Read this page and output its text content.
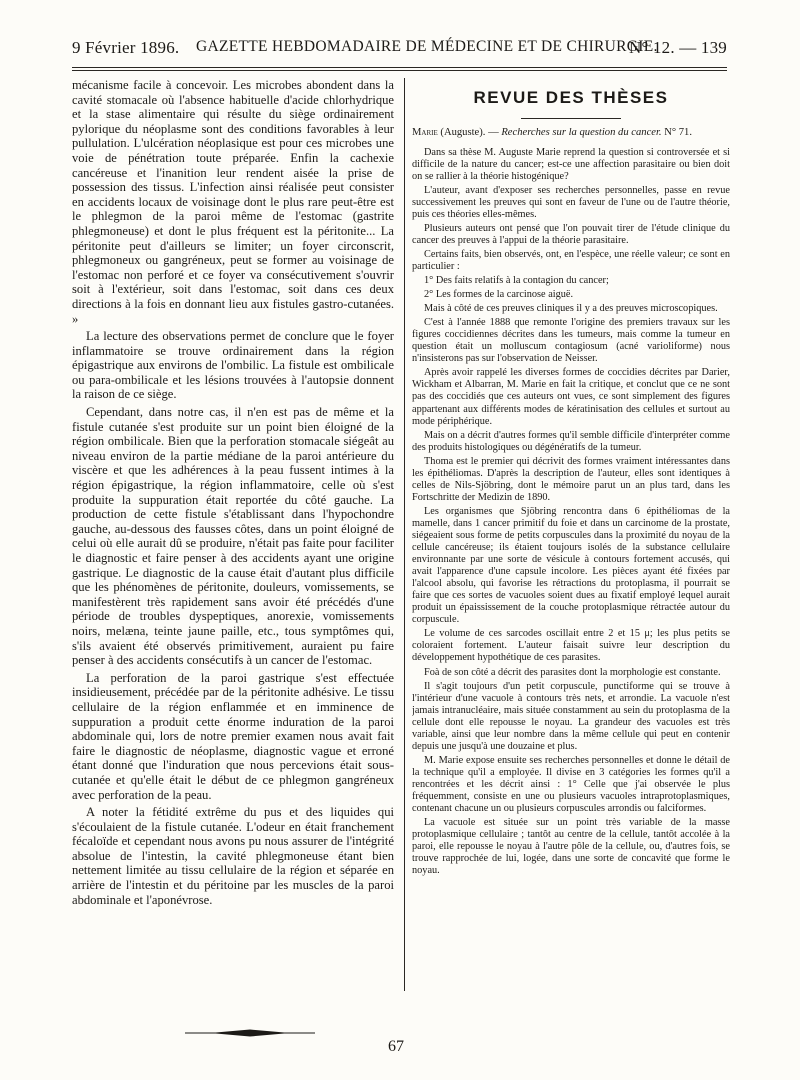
9 Février 1896. GAZETTE HEBDOMADAIRE DE MÉDECINE ET DE CHIRURGIE.
N° 12. — 139

mécanisme facile à concevoir. Les microbes abondent dans la cavité stomacale où l'absence habituelle d'acide chlorhydrique et la stase alimentaire qui résulte du siège ordinairement pylorique du néoplasme sont des conditions favorables à leur pullulation. L'ulcération néoplasique est pour ces microbes une voie de pénétration toute préparée. Enfin la cachexie cancéreuse et l'inanition leur rendent aisée la prise de possession des tissus. L'infection ainsi réalisée peut consister en accidents locaux de voisinage dont le plus rare peut-être est le phlegmon de la paroi même de l'estomac (gastrite phlegmoneuse) et dont le plus fréquent est la péritonite... La péritonite peut d'ailleurs se limiter; un foyer circonscrit, phlegmoneux ou gangréneux, peut se former au voisinage de l'estomac non perforé et ce foyer va consécutivement s'ouvrir soit à l'extérieur, soit dans l'estomac, soit dans ces deux directions à la fois en donnant lieu aux fistules gastro-cutanées. »

La lecture des observations permet de conclure que le foyer inflammatoire se trouve ordinairement dans la région épigastrique aux environs de l'ombilic. La fistule est ombilicale ou para-ombilicale et les lésions trouvées à l'autopsie donnent la raison de ce siège.

Cependant, dans notre cas, il n'en est pas de même et la fistule cutanée s'est produite sur un point bien éloigné de la région ombilicale. Bien que la perforation stomacale siégeât au niveau environ de la partie médiane de la paroi antérieure du viscère et que les adhérences à la peau fussent intimes à la région épigastrique, la région inflammatoire, celle où s'est produite la suppuration était reportée du côté gauche. La production de cette fistule s'établissant dans l'hypochondre gauche, au-dessous des fausses côtes, dans un point éloigné de celui où elle aurait dû se produire, n'était pas faite pour faciliter le diagnostic et faire penser à des accidents ayant une origine gastrique. Le diagnostic de la cause était d'autant plus difficile que les phénomènes de péritonite, douleurs, vomissements, se manifestèrent très rapidement sans avoir été précédés d'une période de troubles dyspeptiques, anorexie, vomissements noirs, melæna, teinte jaune paille, etc., tous symptômes qui, s'ils avaient été observés primitivement, auraient pu faire penser à des accidents consécutifs à un cancer de l'estomac.

La perforation de la paroi gastrique s'est effectuée insidieusement, précédée par de la péritonite adhésive. Le tissu cellulaire de la région enflammée et en imminence de suppuration a produit cette énorme induration de la paroi abdominale qui, lors de notre premier examen nous avait fait faire le diagnostic de néoplasme, diagnostic vague et erroné étant donné que l'induration que nous percevions était sous-cutanée et qu'elle était le début de ce phlegmon gangréneux avec perforation de la peau.

A noter la fétidité extrême du pus et des liquides qui s'écoulaient de la fistule cutanée. L'odeur en était franchement fécaloïde et cependant nous avons pu nous assurer de l'intégrité absolue de l'intestin, la cavité phlegmoneuse étant bien nettement limitée au tissu cellulaire de la région et séparée en arrière de l'intestin et du péritoine par les muscles de la paroi abdominale et l'aponévrose.

REVUE DES THÈSES

Marie (Auguste). — Recherches sur la question du cancer. N° 71.

Dans sa thèse M. Auguste Marie reprend la question si controversée et si difficile de la nature du cancer; est-ce une affection parasitaire ou bien doit on se rallier à la théorie histogénique?

L'auteur, avant d'exposer ses recherches personnelles, passe en revue successivement les preuves qui sont en faveur de l'une ou de l'autre théorie, puis ces théories elles-mêmes.

Plusieurs auteurs ont pensé que l'on pouvait tirer de l'étude clinique du cancer des preuves à l'appui de la théorie parasitaire.

Certains faits, bien observés, ont, en l'espèce, une réelle valeur; ce sont en particulier :

1° Des faits relatifs à la contagion du cancer;

2° Les formes de la carcinose aiguë.

Mais à côté de ces preuves cliniques il y a des preuves microscopiques.

C'est à l'année 1888 que remonte l'origine des premiers travaux sur les figures coccidiennes décrites dans les tumeurs, mais comme la tumeur en question était un molluscum contagiosum (acné varioliforme) nous n'insisterons pas sur l'observation de Neisser.

Après avoir rappelé les diverses formes de coccidies décrites par Darier, Wickham et Albarran, M. Marie en fait la critique, et conclut que ce ne sont pas des coccidiés que ces auteurs ont vues, ce sont simplement des figures appartenant aux différents modes de kératinisation des cellules et surtout au mode périphérique.

Mais on a décrit d'autres formes qu'il semble difficile d'interpréter comme des produits histologiques ou dégénératifs de la tumeur.

Thoma est le premier qui décrivit des formes vraiment intéressantes dans les épithéliomas. D'après la description de l'auteur, elles sont identiques à celles de Nils-Sjöbring, dont le mémoire parut un an plus tard, dans les Fortschritte der Medizin de 1890.

Les organismes que Sjöbring rencontra dans 6 épithéliomas de la mamelle, dans 1 cancer primitif du foie et dans un carcinome de la prostate, siégeaient sous forme de petits corpuscules dans la proximité du noyau de la cellule cancéreuse; ils étaient toujours isolés de la substance cellulaire environnante par une sorte de vésicule à contours fortement accusés, qui avait l'apparence d'une capsule incolore. Les pièces ayant été fixées par l'alcool absolu, qui favorise les rétractions du protoplasma, il pourrait se faire que ces sortes de vacuoles soient dues au fixatif employé lequel aurait produit un épaississement de la couche protoplasmique rétractée autour du corpuscule.

Le volume de ces sarcodes oscillait entre 2 et 15 μ; les plus petits se coloraient fortement. L'auteur faisait suivre leur description du développement hypothétique de ces parasites.

Foà de son côté a décrit des parasites dont la morphologie est constante.

Il s'agit toujours d'un petit corpuscule, punctiforme qui se trouve à l'intérieur d'une vacuole à contours très nets, et arrondie. La vacuole n'est jamais intranucléaire, mais située constamment au sein du protoplasma de la cellule dont elle repousse le noyau. La grandeur des vacuoles est très variable, ainsi que leur nombre dans la même cellule qui peut en contenir depuis une jusqu'à une douzaine et plus.

M. Marie expose ensuite ses recherches personnelles et donne le détail de la technique qu'il a employée. Il divise en 3 catégories les formes qu'il a rencontrées et les décrit ainsi : 1° Celle que j'ai observée le plus fréquemment, consiste en une ou plusieurs vacuoles intraprotoplasmiques, contenant chacune un ou plusieurs corpuscules arrondis ou falciformes.

La vacuole est située sur un point très variable de la masse protoplasmique cellulaire ; tantôt au centre de la cellule, tantôt accolée à la paroi, elle repousse le noyau à l'autre pôle de la cellule, ou, d'autres fois, se trouve rapprochée de lui, logée, dans une sorte de concavité que forme le noyau.

67
